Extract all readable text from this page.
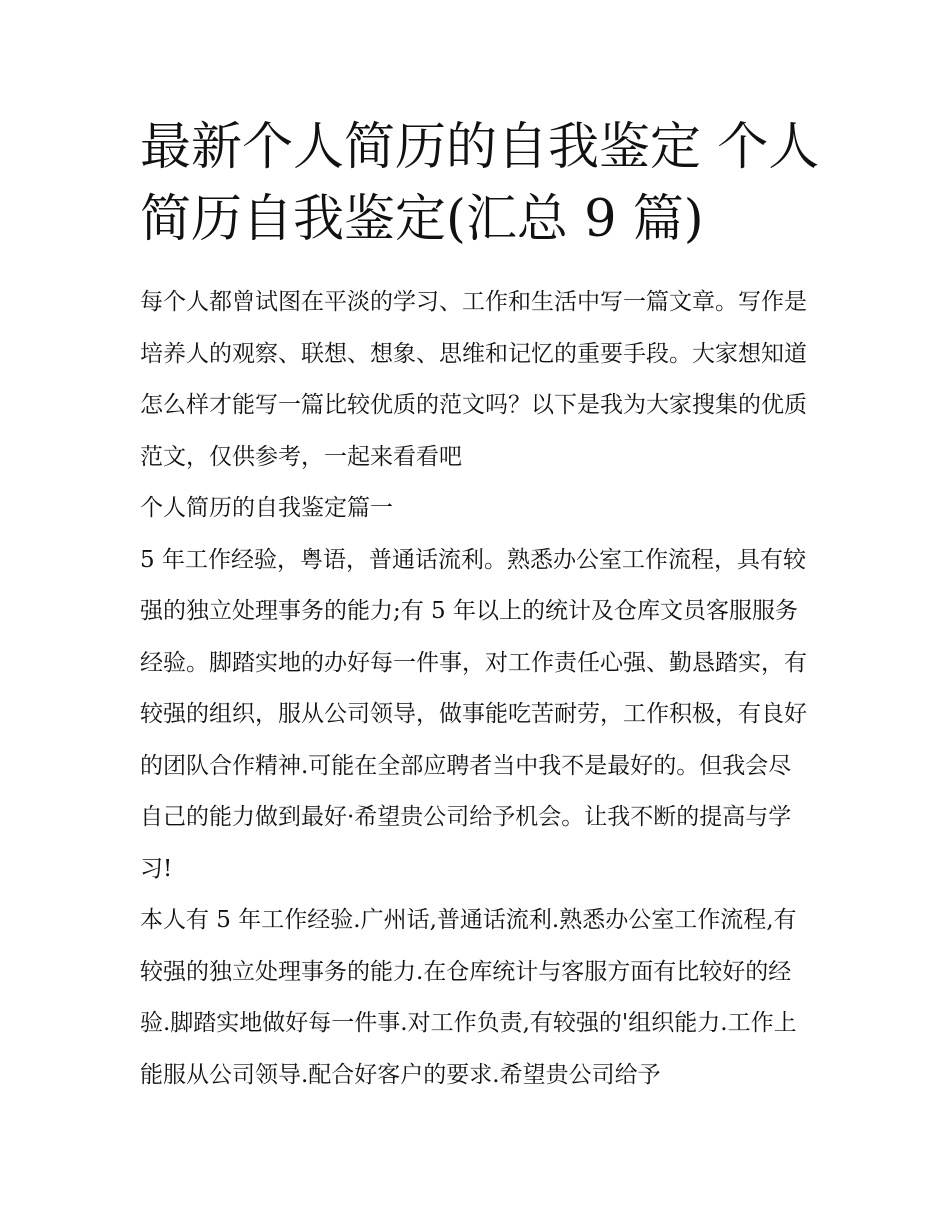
最新个人简历的自我鉴定 个人简历自我鉴定(汇总 9 篇)

每个人都曾试图在平淡的学习、工作和生活中写一篇文章。写作是培养人的观察、联想、想象、思维和记忆的重要手段。大家想知道怎么样才能写一篇比较优质的范文吗？以下是我为大家搜集的优质范文，仅供参考，一起来看看吧

个人简历的自我鉴定篇一

5 年工作经验，粤语，普通话流利。熟悉办公室工作流程，具有较强的独立处理事务的能力;有 5 年以上的统计及仓库文员客服服务经验。脚踏实地的办好每一件事，对工作责任心强、勤恳踏实，有较强的组织，服从公司领导，做事能吃苦耐劳，工作积极，有良好的团队合作精神.可能在全部应聘者当中我不是最好的。但我会尽自己的能力做到最好·希望贵公司给予机会。让我不断的提高与学习!

本人有 5 年工作经验.广州话,普通话流利.熟悉办公室工作流程,有较强的独立处理事务的能力.在仓库统计与客服方面有比较好的经验.脚踏实地做好每一件事.对工作负责,有较强的'组织能力.工作上能服从公司领导.配合好客户的要求.希望贵公司给予
